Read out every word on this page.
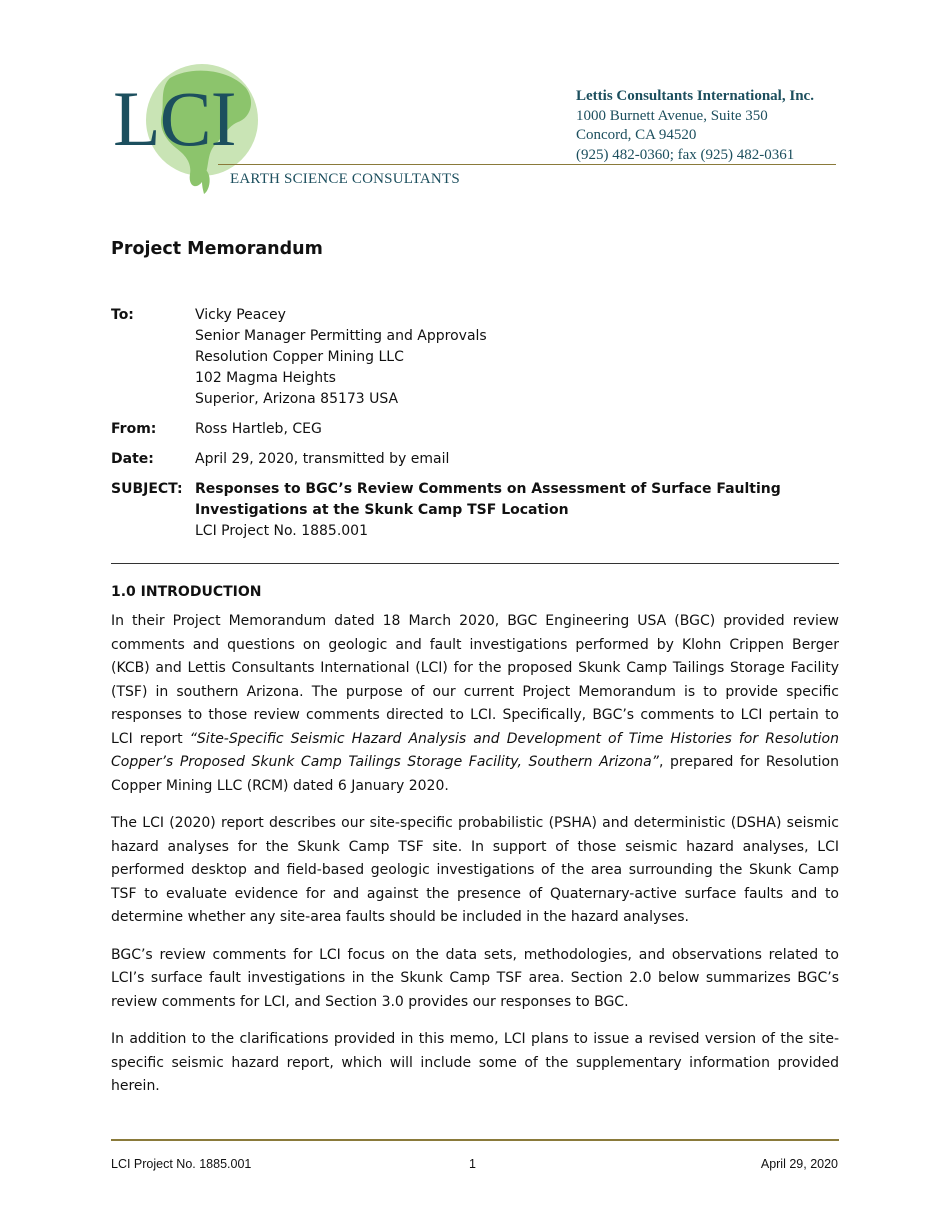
LCI
EARTH SCIENCE CONSULTANTS
Lettis Consultants International, Inc.
1000 Burnett Avenue, Suite 350
Concord, CA 94520
(925) 482-0360; fax (925) 482-0361
Project Memorandum
To:	Vicky Peacey
Senior Manager Permitting and Approvals
Resolution Copper Mining LLC
102 Magma Heights
Superior, Arizona 85173 USA
From:	Ross Hartleb, CEG
Date:	April 29, 2020, transmitted by email
SUBJECT: Responses to BGC’s Review Comments on Assessment of Surface Faulting Investigations at the Skunk Camp TSF Location
LCI Project No. 1885.001
1.0 INTRODUCTION

In their Project Memorandum dated 18 March 2020, BGC Engineering USA (BGC) provided review comments and questions on geologic and fault investigations performed by Klohn Crippen Berger (KCB) and Lettis Consultants International (LCI) for the proposed Skunk Camp Tailings Storage Facility (TSF) in southern Arizona. The purpose of our current Project Memorandum is to provide specific responses to those review comments directed to LCI. Specifically, BGC’s comments to LCI pertain to LCI report “Site-Specific Seismic Hazard Analysis and Development of Time Histories for Resolution Copper’s Proposed Skunk Camp Tailings Storage Facility, Southern Arizona”, prepared for Resolution Copper Mining LLC (RCM) dated 6 January 2020.

The LCI (2020) report describes our site-specific probabilistic (PSHA) and deterministic (DSHA) seismic hazard analyses for the Skunk Camp TSF site. In support of those seismic hazard analyses, LCI performed desktop and field-based geologic investigations of the area surrounding the Skunk Camp TSF to evaluate evidence for and against the presence of Quaternary-active surface faults and to determine whether any site-area faults should be included in the hazard analyses.

BGC’s review comments for LCI focus on the data sets, methodologies, and observations related to LCI’s surface fault investigations in the Skunk Camp TSF area. Section 2.0 below summarizes BGC’s review comments for LCI, and Section 3.0 provides our responses to BGC.

In addition to the clarifications provided in this memo, LCI plans to issue a revised version of the site-specific seismic hazard report, which will include some of the supplementary information provided herein.

LCI Project No. 1885.001	1	April 29, 2020
